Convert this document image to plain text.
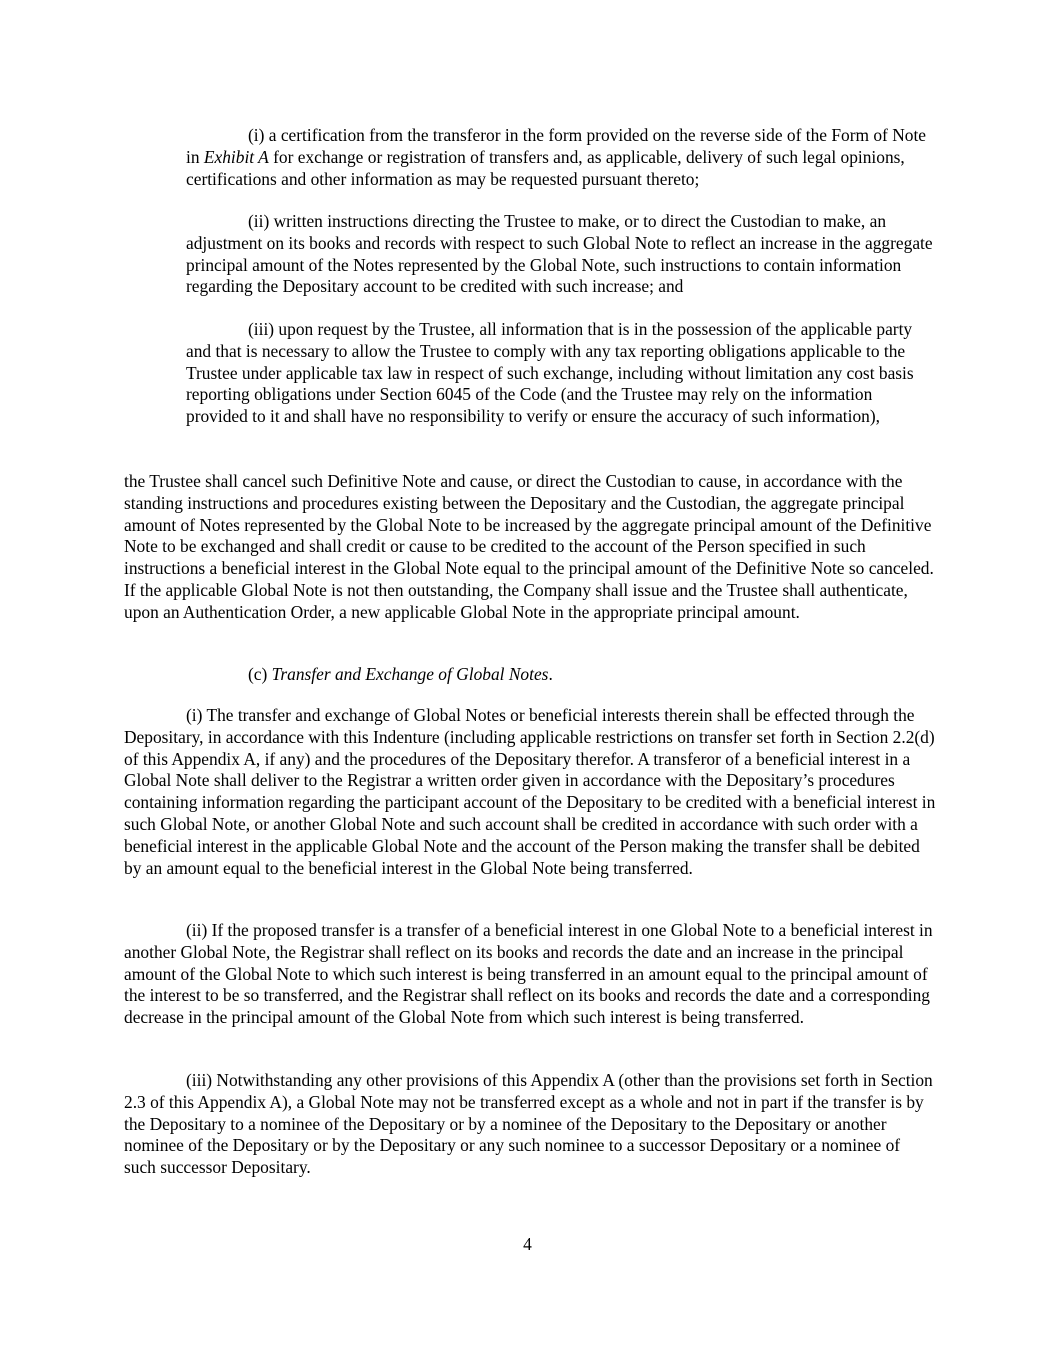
(i) a certification from the transferor in the form provided on the reverse side of the Form of Note in Exhibit A for exchange or registration of transfers and, as applicable, delivery of such legal opinions, certifications and other information as may be requested pursuant thereto;

(ii) written instructions directing the Trustee to make, or to direct the Custodian to make, an adjustment on its books and records with respect to such Global Note to reflect an increase in the aggregate principal amount of the Notes represented by the Global Note, such instructions to contain information regarding the Depositary account to be credited with such increase; and

(iii) upon request by the Trustee, all information that is in the possession of the applicable party and that is necessary to allow the Trustee to comply with any tax reporting obligations applicable to the Trustee under applicable tax law in respect of such exchange, including without limitation any cost basis reporting obligations under Section 6045 of the Code (and the Trustee may rely on the information provided to it and shall have no responsibility to verify or ensure the accuracy of such information),

the Trustee shall cancel such Definitive Note and cause, or direct the Custodian to cause, in accordance with the standing instructions and procedures existing between the Depositary and the Custodian, the aggregate principal amount of Notes represented by the Global Note to be increased by the aggregate principal amount of the Definitive Note to be exchanged and shall credit or cause to be credited to the account of the Person specified in such instructions a beneficial interest in the Global Note equal to the principal amount of the Definitive Note so canceled. If the applicable Global Note is not then outstanding, the Company shall issue and the Trustee shall authenticate, upon an Authentication Order, a new applicable Global Note in the appropriate principal amount.

(c) Transfer and Exchange of Global Notes.

(i) The transfer and exchange of Global Notes or beneficial interests therein shall be effected through the Depositary, in accordance with this Indenture (including applicable restrictions on transfer set forth in Section 2.2(d) of this Appendix A, if any) and the procedures of the Depositary therefor. A transferor of a beneficial interest in a Global Note shall deliver to the Registrar a written order given in accordance with the Depositary’s procedures containing information regarding the participant account of the Depositary to be credited with a beneficial interest in such Global Note, or another Global Note and such account shall be credited in accordance with such order with a beneficial interest in the applicable Global Note and the account of the Person making the transfer shall be debited by an amount equal to the beneficial interest in the Global Note being transferred.

(ii) If the proposed transfer is a transfer of a beneficial interest in one Global Note to a beneficial interest in another Global Note, the Registrar shall reflect on its books and records the date and an increase in the principal amount of the Global Note to which such interest is being transferred in an amount equal to the principal amount of the interest to be so transferred, and the Registrar shall reflect on its books and records the date and a corresponding decrease in the principal amount of the Global Note from which such interest is being transferred.

(iii) Notwithstanding any other provisions of this Appendix A (other than the provisions set forth in Section 2.3 of this Appendix A), a Global Note may not be transferred except as a whole and not in part if the transfer is by the Depositary to a nominee of the Depositary or by a nominee of the Depositary to the Depositary or another nominee of the Depositary or by the Depositary or any such nominee to a successor Depositary or a nominee of such successor Depositary.

4
